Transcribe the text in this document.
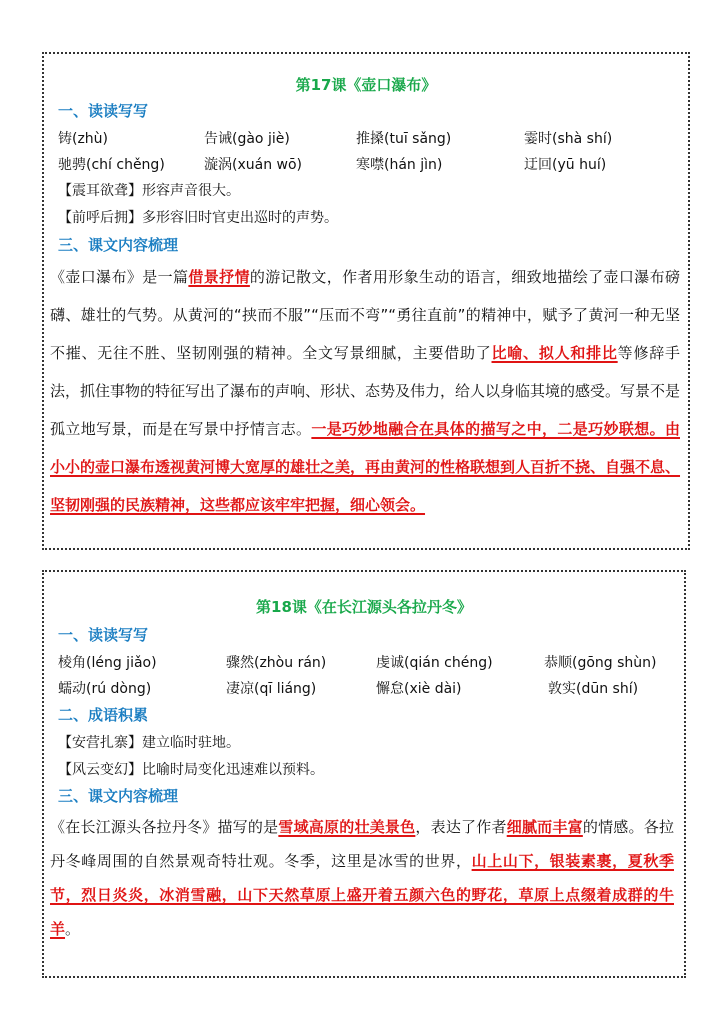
第17课《壶口瀑布》
一、读读写写
铸(zhù)	告诫(gào jiè)	推搡(tuī sǎng)	霎时(shà shí)
驰骋(chí chěng)	漩涡(xuán wō)	寒噤(hán jìn)	迂回(yū huí)
【震耳欲聋】形容声音很大。
【前呼后拥】多形容旧时官吏出巡时的声势。
三、课文内容梳理
《壶口瀑布》是一篇借景抒情的游记散文，作者用形象生动的语言，细致地描绘了壶口瀑布磅礴、雄壮的气势。从黄河的“挟而不服”“压而不弯”“勇往直前”的精神中，赋予了黄河一种无坚不摧、无往不胜、坚韧刚强的精神。全文写景细腻，主要借助了比喻、拟人和排比等修辞手法，抓住事物的特征写出了瀑布的声响、形状、态势及伟力，给人以身临其境的感受。写景不是孤立地写景，而是在写景中抒情言志。一是巧妙地融合在具体的描写之中，二是巧妙联想。由小小的壶口瀑布透视黄河博大宽厚的雄壮之美，再由黄河的性格联想到人百折不挠、自强不息、坚韧刚强的民族精神，这些都应该牢牢把握，细心领会。
第18课《在长江源头各拉丹冬》
一、读读写写
棱角(léng jiǎo)	骤然(zhòu rán)	虔诚(qián chéng)	恭顺(gōng shùn)
蠕动(rú dòng)	凄凉(qī liáng)	懈怠(xiè dài)	敦实(dūn shí)
二、成语积累
【安营扎寨】建立临时驻地。
【风云变幻】比喻时局变化迅速难以预料。
三、课文内容梳理
《在长江源头各拉丹冬》描写的是雪域高原的壮美景色，表达了作者细腻而丰富的情感。各拉丹冬峰周围的自然景观奇特壮观。冬季，这里是冰雪的世界，山上山下，银装素裹，夏秋季节，烈日炎炎，冰消雪融，山下天然草原上盛开着五颜六色的野花，草原上点缀着成群的牛羊。
